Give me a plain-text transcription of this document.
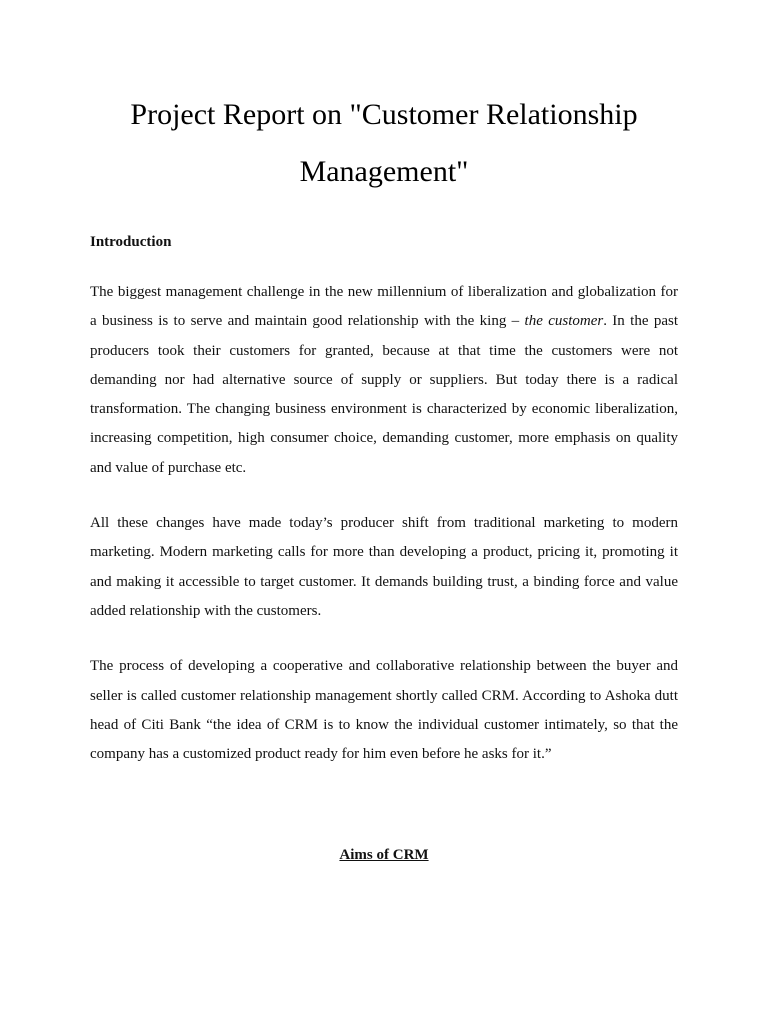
Project Report on "Customer Relationship Management"
Introduction

The biggest management challenge in the new millennium of liberalization and globalization for a business is to serve and maintain good relationship with the king – the customer. In the past producers took their customers for granted, because at that time the customers were not demanding nor had alternative source of supply or suppliers. But today there is a radical transformation. The changing business environment is characterized by economic liberalization, increasing competition, high consumer choice, demanding customer, more emphasis on quality and value of purchase etc.

All these changes have made today’s producer shift from traditional marketing to modern marketing. Modern marketing calls for more than developing a product, pricing it, promoting it and making it accessible to target customer. It demands building trust, a binding force and value added relationship with the customers.

The process of developing a cooperative and collaborative relationship between the buyer and seller is called customer relationship management shortly called CRM. According to Ashoka dutt head of Citi Bank “the idea of CRM is to know the individual customer intimately, so that the company has a customized product ready for him even before he asks for it.”

Aims of CRM
